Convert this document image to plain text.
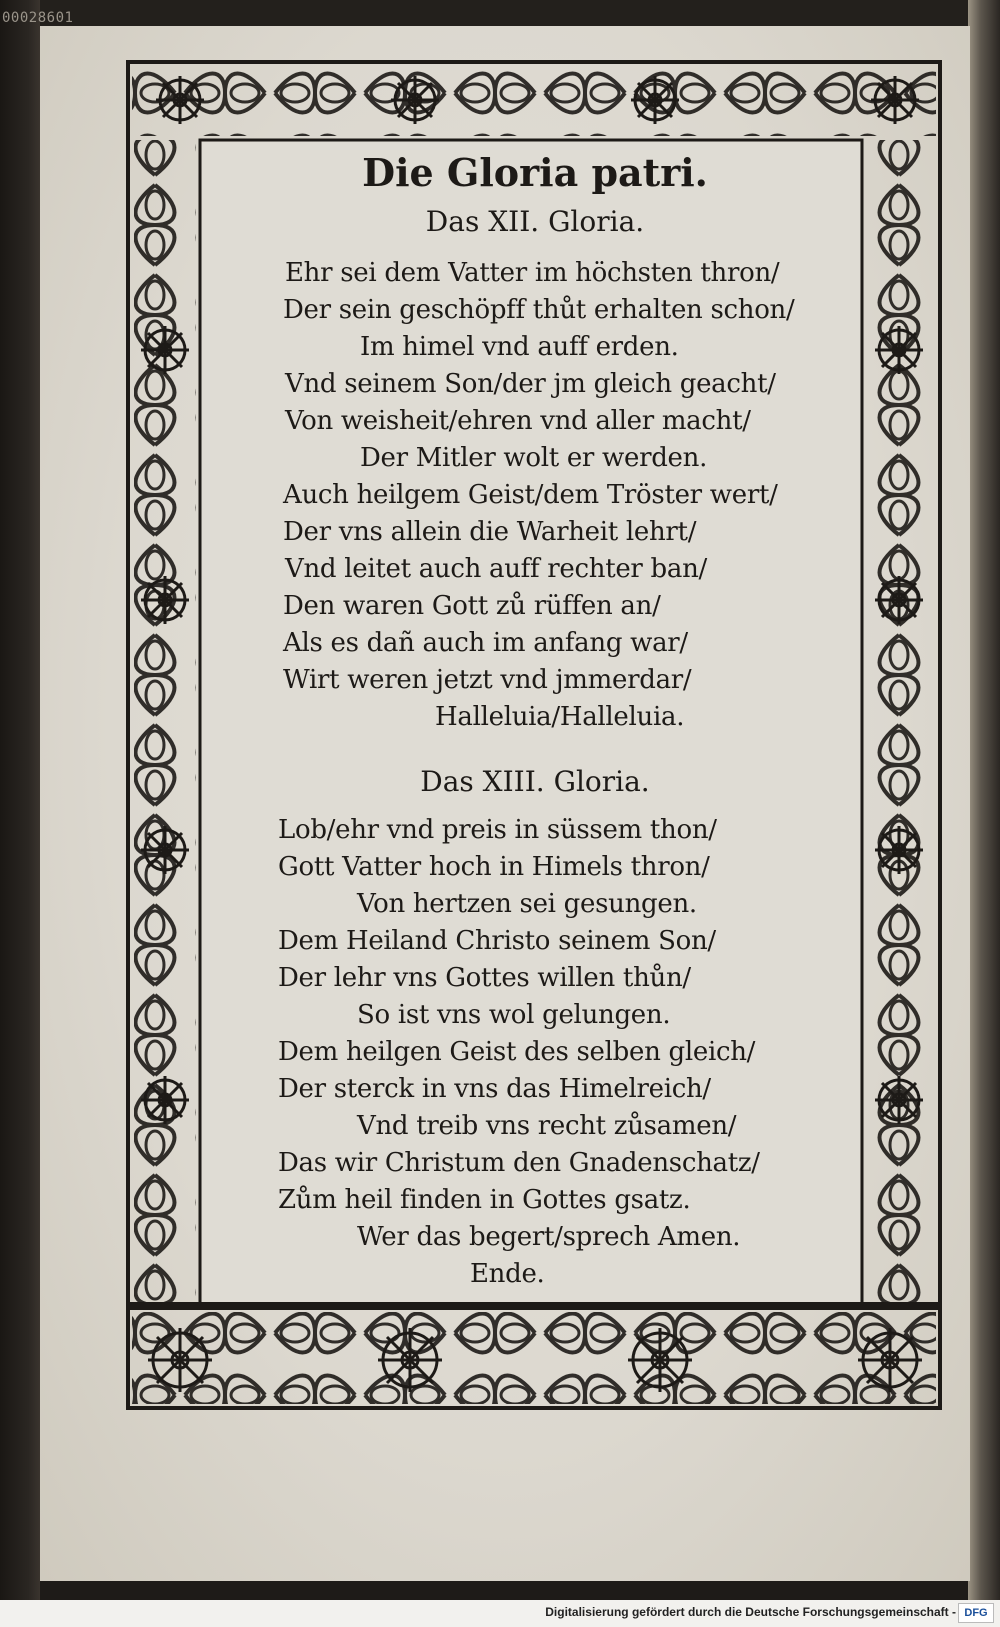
00028601
Die Gloria patri.
Das XII. Gloria.
Ehr sei dem Vatter im höchsten thron/
Der sein geschöpff thůt erhalten schon/
Im himel vnd auff erden.
Vnd seinem Son/der jm gleich geacht/
Von weisheit/ehren vnd aller macht/
Der Mitler wolt er werden.
Auch heilgem Geist/dem Tröster wert/
Der vns allein die Warheit lehrt/
Vnd leitet auch auff rechter ban/
Den waren Gott zů rüffen an/
Als es dañ auch im anfang war/
Wirt weren jetzt vnd jmmerdar/
Halleluia/Halleluia.
Das XIII. Gloria.
Lob/ehr vnd preis in süssem thon/
Gott Vatter hoch in Himels thron/
Von hertzen sei gesungen.
Dem Heiland Christo seinem Son/
Der lehr vns Gottes willen thůn/
So ist vns wol gelungen.
Dem heilgen Geist des selben gleich/
Der sterck in vns das Himelreich/
Vnd treib vns recht zůsamen/
Das wir Christum den Gnadenschatz/
Zům heil finden in Gottes gsatz.
Wer das begert/sprech Amen.
Ende.
Digitalisierung gefördert durch die Deutsche Forschungsgemeinschaft - DFG
